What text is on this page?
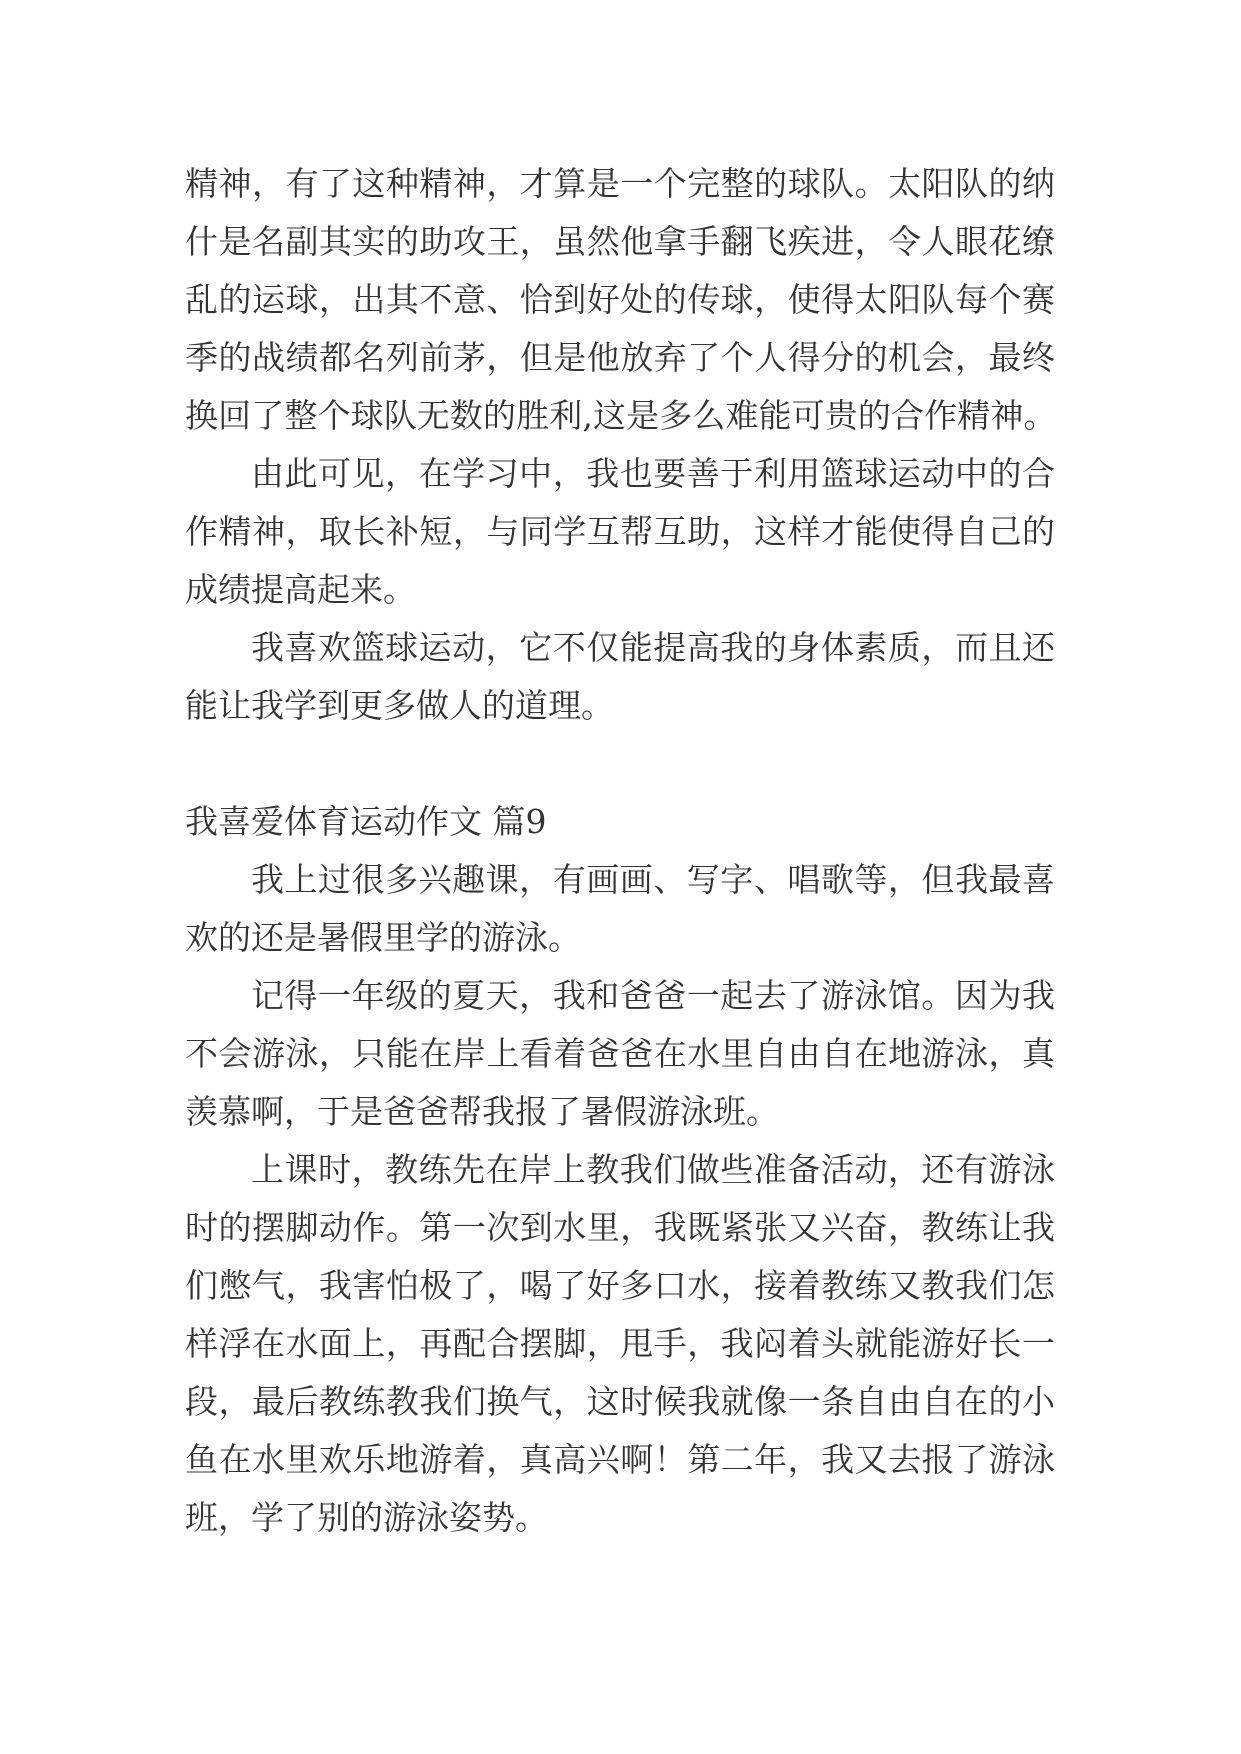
精神，有了这种精神，才算是一个完整的球队。太阳队的纳
什是名副其实的助攻王，虽然他拿手翻飞疾进，令人眼花缭
乱的运球，出其不意、恰到好处的传球，使得太阳队每个赛
季的战绩都名列前茅，但是他放弃了个人得分的机会，最终
换回了整个球队无数的胜利,这是多么难能可贵的合作精神。
由此可见，在学习中，我也要善于利用篮球运动中的合
作精神，取长补短，与同学互帮互助，这样才能使得自己的
成绩提高起来。
我喜欢篮球运动，它不仅能提高我的身体素质，而且还
能让我学到更多做人的道理。
我喜爱体育运动作文 篇9
我上过很多兴趣课，有画画、写字、唱歌等，但我最喜
欢的还是暑假里学的游泳。
记得一年级的夏天，我和爸爸一起去了游泳馆。因为我
不会游泳，只能在岸上看着爸爸在水里自由自在地游泳，真
羡慕啊，于是爸爸帮我报了暑假游泳班。
上课时，教练先在岸上教我们做些准备活动，还有游泳
时的摆脚动作。第一次到水里，我既紧张又兴奋，教练让我
们憋气，我害怕极了，喝了好多口水，接着教练又教我们怎
样浮在水面上，再配合摆脚，甩手，我闷着头就能游好长一
段，最后教练教我们换气，这时候我就像一条自由自在的小
鱼在水里欢乐地游着，真高兴啊！第二年，我又去报了游泳
班，学了别的游泳姿势。
